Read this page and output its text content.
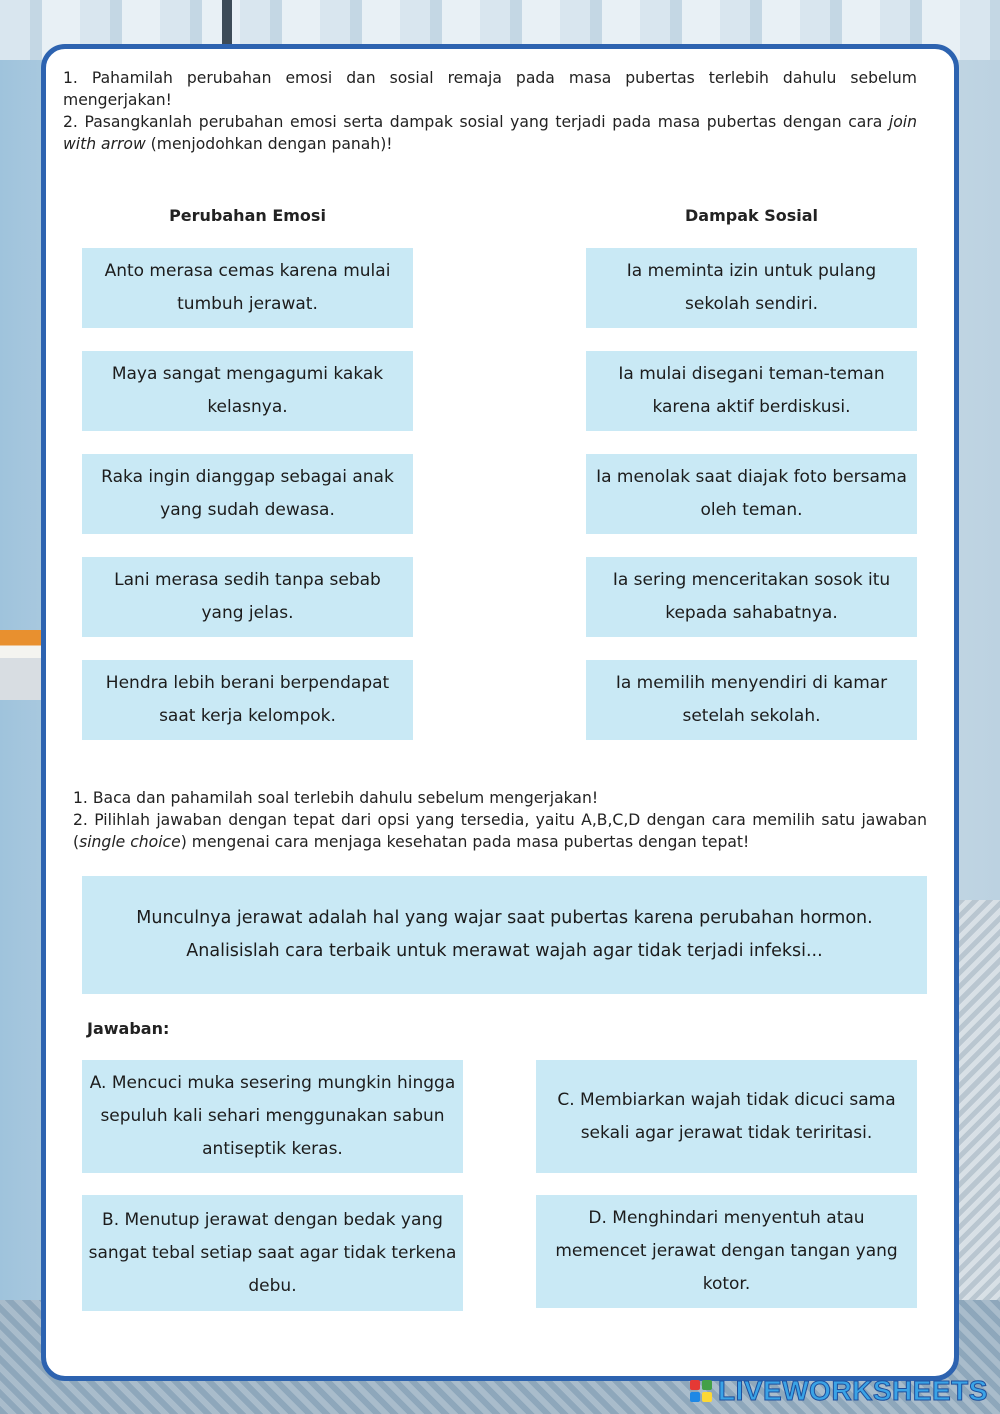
1. Pahamilah perubahan emosi dan sosial remaja pada masa pubertas terlebih dahulu sebelum mengerjakan!

2. Pasangkanlah perubahan emosi serta dampak sosial yang terjadi pada masa pubertas dengan cara join with arrow (menjodohkan dengan panah)!

Perubahan Emosi	Dampak Sosial
Anto merasa cemas karena mulai tumbuh jerawat.
Maya sangat mengagumi kakak kelasnya.
Raka ingin dianggap sebagai anak yang sudah dewasa.
Lani merasa sedih tanpa sebab yang jelas.
Hendra lebih berani berpendapat saat kerja kelompok.
Ia meminta izin untuk pulang sekolah sendiri.
Ia mulai disegani teman-teman karena aktif berdiskusi.
Ia menolak saat diajak foto bersama oleh teman.
Ia sering menceritakan sosok itu kepada sahabatnya.
Ia memilih menyendiri di kamar setelah sekolah.

1. Baca dan pahamilah soal terlebih dahulu sebelum mengerjakan!

2. Pilihlah jawaban dengan tepat dari opsi yang tersedia, yaitu A,B,C,D dengan cara memilih satu jawaban (single choice) mengenai cara menjaga kesehatan pada masa pubertas dengan tepat!

Munculnya jerawat adalah hal yang wajar saat pubertas karena perubahan hormon. Analisislah cara terbaik untuk merawat wajah agar tidak terjadi infeksi...
Jawaban:
A. Mencuci muka sesering mungkin hingga sepuluh kali sehari menggunakan sabun antiseptik keras.
C. Membiarkan wajah tidak dicuci sama sekali agar jerawat tidak teriritasi.
B. Menutup jerawat dengan bedak yang sangat tebal setiap saat agar tidak terkena debu.
D. Menghindari menyentuh atau memencet jerawat dengan tangan yang kotor.
LIVEWORKSHEETS
